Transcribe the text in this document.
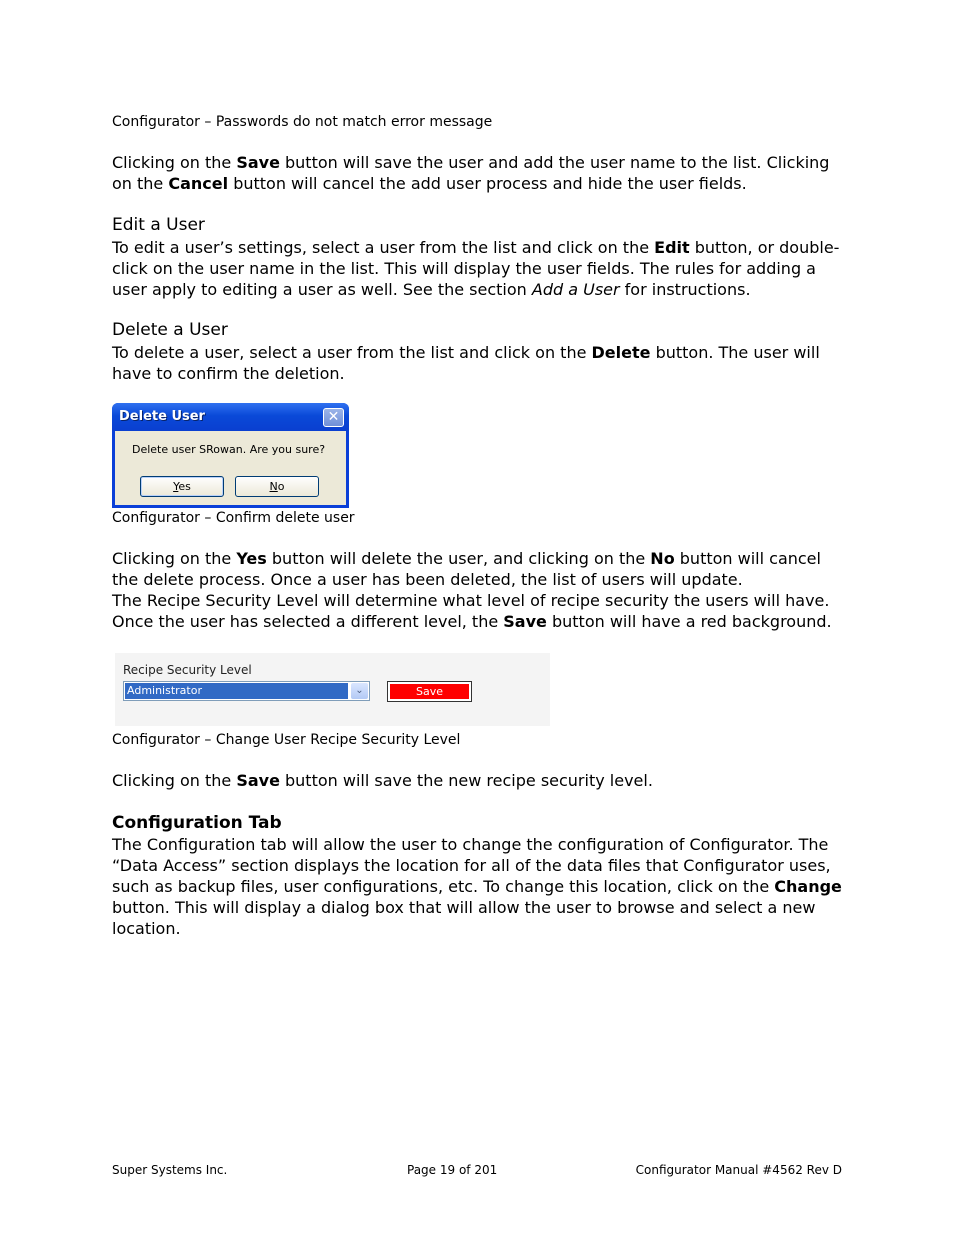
Configurator – Passwords do not match error message

Clicking on the Save button will save the user and add the user name to the list. Clicking on the Cancel button will cancel the add user process and hide the user fields.

Edit a User

To edit a user’s settings, select a user from the list and click on the Edit button, or double-click on the user name in the list. This will display the user fields. The rules for adding a user apply to editing a user as well. See the section Add a User for instructions.

Delete a User

To delete a user, select a user from the list and click on the Delete button. The user will have to confirm the deletion.

Delete User	✕
Delete user SRowan. Are you sure?
Yes	No
Configurator – Confirm delete user

Clicking on the Yes button will delete the user, and clicking on the No button will cancel the delete process. Once a user has been deleted, the list of users will update.

The Recipe Security Level will determine what level of recipe security the users will have. Once the user has selected a different level, the Save button will have a red background.

Recipe Security Level
Administrator	⌄	Save
Configurator – Change User Recipe Security Level

Clicking on the Save button will save the new recipe security level.

Configuration Tab

The Configuration tab will allow the user to change the configuration of Configurator. The “Data Access” section displays the location for all of the data files that Configurator uses, such as backup files, user configurations, etc. To change this location, click on the Change button. This will display a dialog box that will allow the user to browse and select a new location.

Super Systems Inc.	Page 19 of 201	Configurator Manual #4562 Rev D
